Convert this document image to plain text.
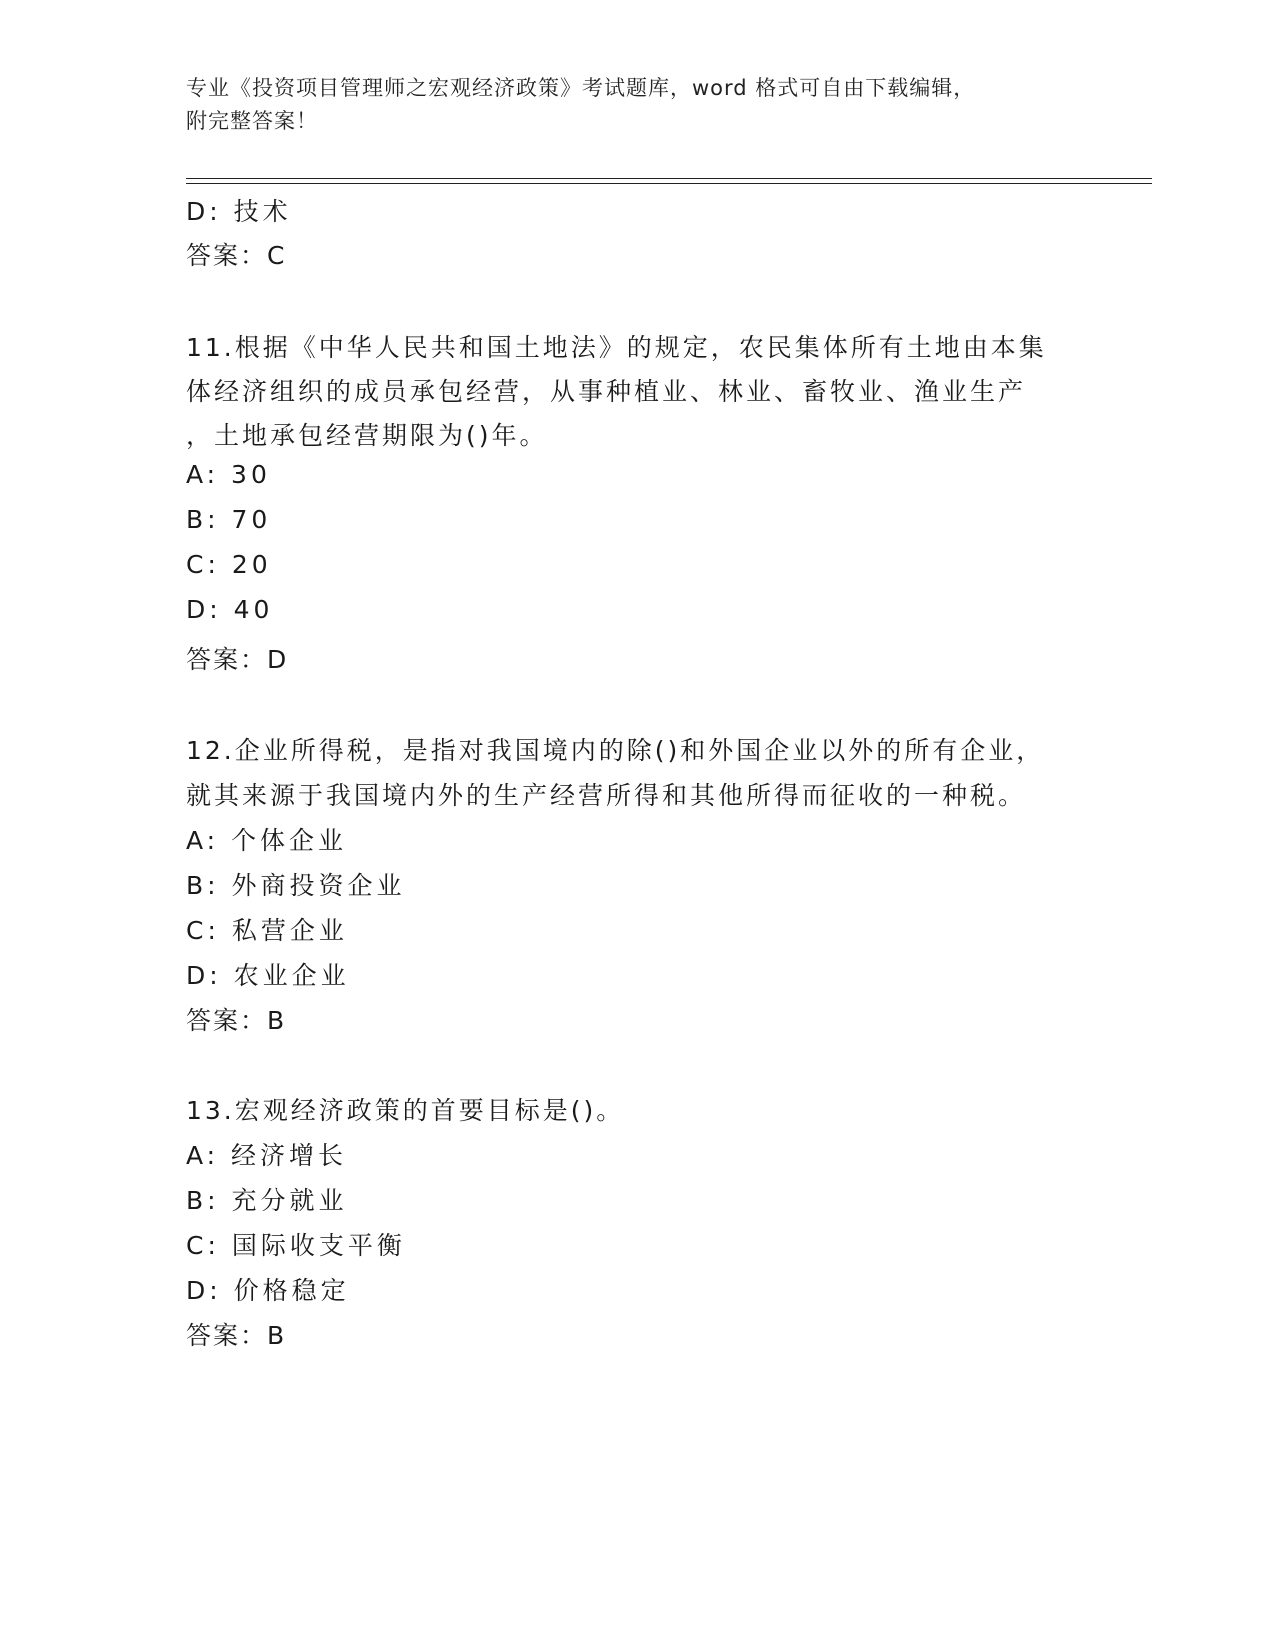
专业《投资项目管理师之宏观经济政策》考试题库，word 格式可自由下载编辑，
附完整答案！
D: 技术
答案：C
11.根据《中华人民共和国土地法》的规定，农民集体所有土地由本集
体经济组织的成员承包经营，从事种植业、林业、畜牧业、渔业生产
，土地承包经营期限为()年。
A: 30
B: 70
C: 20
D: 40
答案：D
12.企业所得税，是指对我国境内的除()和外国企业以外的所有企业，
就其来源于我国境内外的生产经营所得和其他所得而征收的一种税。
A: 个体企业
B: 外商投资企业
C: 私营企业
D: 农业企业
答案：B
13.宏观经济政策的首要目标是()。
A: 经济增长
B: 充分就业
C: 国际收支平衡
D: 价格稳定
答案：B
